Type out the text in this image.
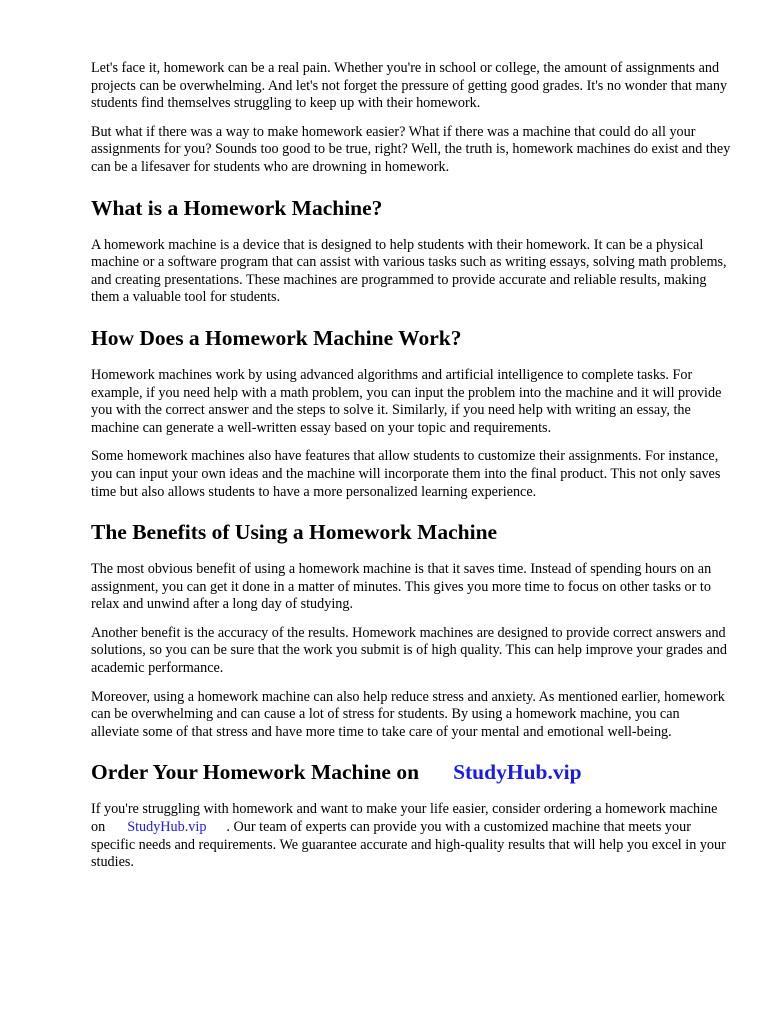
Let's face it, homework can be a real pain. Whether you're in school or college, the amount of assignments and projects can be overwhelming. And let's not forget the pressure of getting good grades. It's no wonder that many students find themselves struggling to keep up with their homework.

But what if there was a way to make homework easier? What if there was a machine that could do all your assignments for you? Sounds too good to be true, right? Well, the truth is, homework machines do exist and they can be a lifesaver for students who are drowning in homework.

What is a Homework Machine?

A homework machine is a device that is designed to help students with their homework. It can be a physical machine or a software program that can assist with various tasks such as writing essays, solving math problems, and creating presentations. These machines are programmed to provide accurate and reliable results, making them a valuable tool for students.

How Does a Homework Machine Work?

Homework machines work by using advanced algorithms and artificial intelligence to complete tasks. For example, if you need help with a math problem, you can input the problem into the machine and it will provide you with the correct answer and the steps to solve it. Similarly, if you need help with writing an essay, the machine can generate a well-written essay based on your topic and requirements.

Some homework machines also have features that allow students to customize their assignments. For instance, you can input your own ideas and the machine will incorporate them into the final product. This not only saves time but also allows students to have a more personalized learning experience.

The Benefits of Using a Homework Machine

The most obvious benefit of using a homework machine is that it saves time. Instead of spending hours on an assignment, you can get it done in a matter of minutes. This gives you more time to focus on other tasks or to relax and unwind after a long day of studying.

Another benefit is the accuracy of the results. Homework machines are designed to provide correct answers and solutions, so you can be sure that the work you submit is of high quality. This can help improve your grades and academic performance.

Moreover, using a homework machine can also help reduce stress and anxiety. As mentioned earlier, homework can be overwhelming and can cause a lot of stress for students. By using a homework machine, you can alleviate some of that stress and have more time to take care of your mental and emotional well-being.

Order Your Homework Machine on StudyHub.vip

If you're struggling with homework and want to make your life easier, consider ordering a homework machine on StudyHub.vip . Our team of experts can provide you with a customized machine that meets your specific needs and requirements. We guarantee accurate and high-quality results that will help you excel in your studies.
